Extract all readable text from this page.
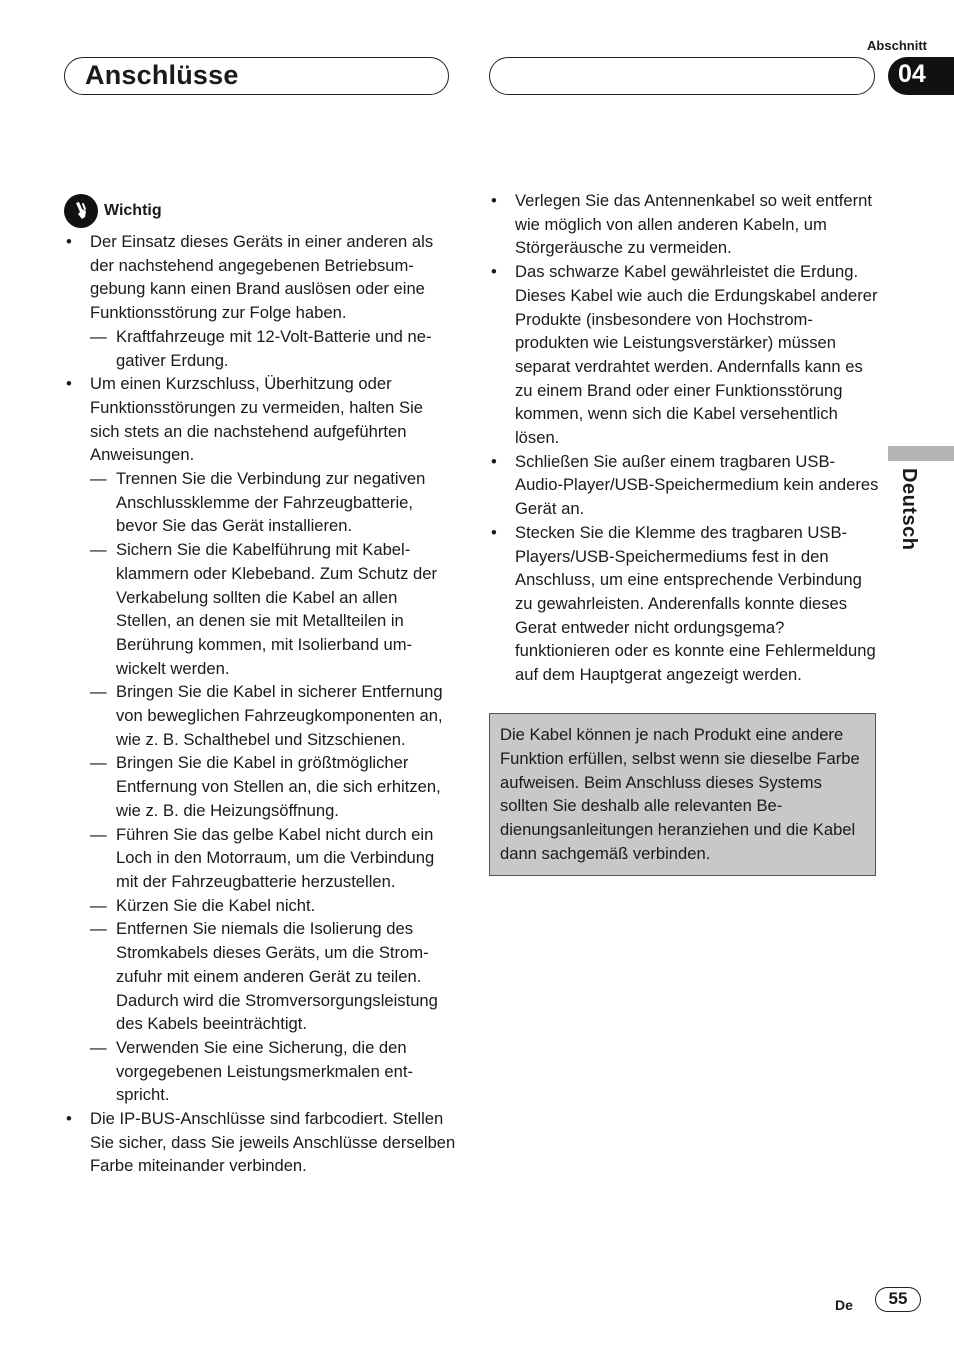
Abschnitt
Anschlüsse	04
Deutsch
Wichtig
• Der Einsatz dieses Geräts in einer anderen als der nachstehend angegebenen Betriebsumgebung kann einen Brand auslösen oder eine Funktionsstörung zur Folge haben.
— Kraftfahrzeuge mit 12-Volt-Batterie und negativer Erdung.
• Um einen Kurzschluss, Überhitzung oder Funktionsstörungen zu vermeiden, halten Sie sich stets an die nachstehend aufgeführten Anweisungen.
— Trennen Sie die Verbindung zur negativen Anschlussklemme der Fahrzeugbatterie, bevor Sie das Gerät installieren.
— Sichern Sie die Kabelführung mit Kabelklammern oder Klebeband. Zum Schutz der Verkabelung sollten die Kabel an allen Stellen, an denen sie mit Metallteilen in Berührung kommen, mit Isolierband umwickelt werden.
— Bringen Sie die Kabel in sicherer Entfernung von beweglichen Fahrzeugkomponenten an, wie z. B. Schalthebel und Sitzschienen.
— Bringen Sie die Kabel in größtmöglicher Entfernung von Stellen an, die sich erhitzen, wie z. B. die Heizungsöffnung.
— Führen Sie das gelbe Kabel nicht durch ein Loch in den Motorraum, um die Verbindung mit der Fahrzeugbatterie herzustellen.
— Kürzen Sie die Kabel nicht.
— Entfernen Sie niemals die Isolierung des Stromkabels dieses Geräts, um die Stromzufuhr mit einem anderen Gerät zu teilen. Dadurch wird die Stromversorgungsleistung des Kabels beeinträchtigt.
— Verwenden Sie eine Sicherung, die den vorgegebenen Leistungsmerkmalen entspricht.
• Die IP-BUS-Anschlüsse sind farbcodiert. Stellen Sie sicher, dass Sie jeweils Anschlüsse derselben Farbe miteinander verbinden.
• Verlegen Sie das Antennenkabel so weit entfernt wie möglich von allen anderen Kabeln, um Störgeräusche zu vermeiden.
• Das schwarze Kabel gewährleistet die Erdung. Dieses Kabel wie auch die Erdungskabel anderer Produkte (insbesondere von Hochstromprodukten wie Leistungsverstärker) müssen separat verdrahtet werden. Andernfalls kann es zu einem Brand oder einer Funktionsstörung kommen, wenn sich die Kabel versehentlich lösen.
• Schließen Sie außer einem tragbaren USB-Audio-Player/USB-Speichermedium kein anderes Gerät an.
• Stecken Sie die Klemme des tragbaren USB-Players/USB-Speichermediums fest in den Anschluss, um eine entsprechende Verbindung zu gewahrleisten. Anderenfalls konnte dieses Gerat entweder nicht ordungsgema? funktionieren oder es konnte eine Fehlermeldung auf dem Hauptgerat angezeigt werden.
Die Kabel können je nach Produkt eine andere Funktion erfüllen, selbst wenn sie dieselbe Farbe aufweisen. Beim Anschluss dieses Systems sollten Sie deshalb alle relevanten Bedienungsanleitungen heranziehen und die Kabel dann sachgemäß verbinden.
De	55
